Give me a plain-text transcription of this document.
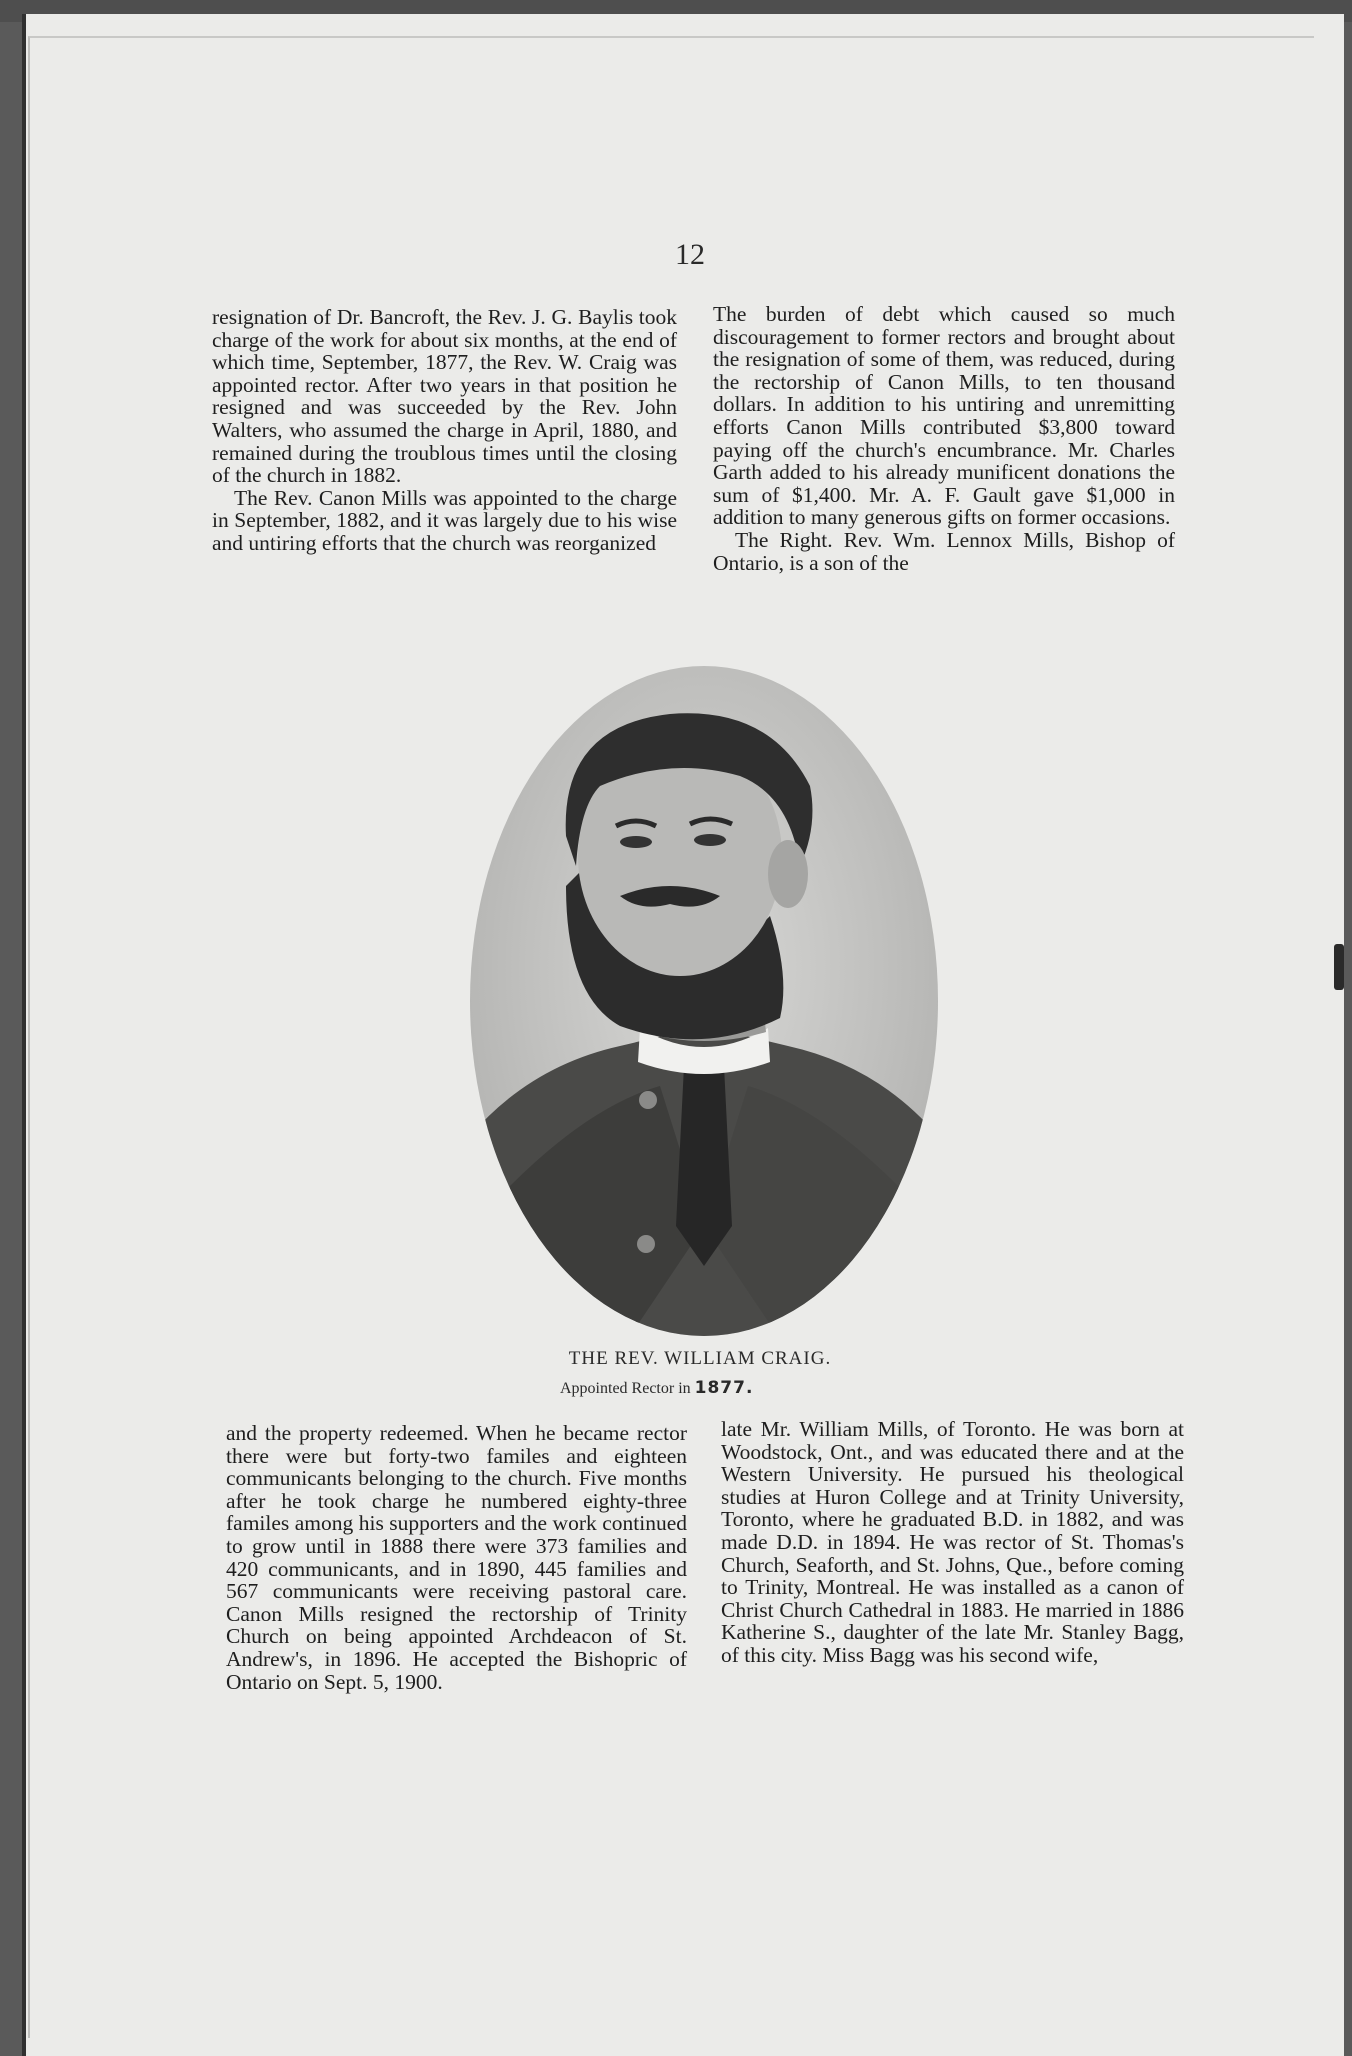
12

resignation of Dr. Bancroft, the Rev. J. G. Baylis took charge of the work for about six months, at the end of which time, September, 1877, the Rev. W. Craig was appointed rector. After two years in that position he resigned and was succeeded by the Rev. John Walters, who assumed the charge in April, 1880, and remained during the troublous times until the closing of the church in 1882.

The Rev. Canon Mills was appointed to the charge in September, 1882, and it was largely due to his wise and untiring efforts that the church was reorganized

The burden of debt which caused so much discouragement to former rectors and brought about the resignation of some of them, was reduced, during the rectorship of Canon Mills, to ten thousand dollars. In addition to his untiring and unremitting efforts Canon Mills contributed $3,800 toward paying off the church's encumbrance. Mr. Charles Garth added to his already munificent donations the sum of $1,400. Mr. A. F. Gault gave $1,000 in addition to many generous gifts on former occasions.

The Right. Rev. Wm. Lennox Mills, Bishop of Ontario, is a son of the

THE REV. WILLIAM CRAIG.
Appointed Rector in 1877.

and the property redeemed. When he became rector there were but forty-two familes and eighteen communicants belonging to the church. Five months after he took charge he numbered eighty-three familes among his supporters and the work continued to grow until in 1888 there were 373 families and 420 communicants, and in 1890, 445 families and 567 communicants were receiving pastoral care. Canon Mills resigned the rectorship of Trinity Church on being appointed Archdeacon of St. Andrew's, in 1896. He accepted the Bishopric of Ontario on Sept. 5, 1900.

late Mr. William Mills, of Toronto. He was born at Woodstock, Ont., and was educated there and at the Western University. He pursued his theological studies at Huron College and at Trinity University, Toronto, where he graduated B.D. in 1882, and was made D.D. in 1894. He was rector of St. Thomas's Church, Seaforth, and St. Johns, Que., before coming to Trinity, Montreal. He was installed as a canon of Christ Church Cathedral in 1883. He married in 1886 Katherine S., daughter of the late Mr. Stanley Bagg, of this city. Miss Bagg was his second wife,
